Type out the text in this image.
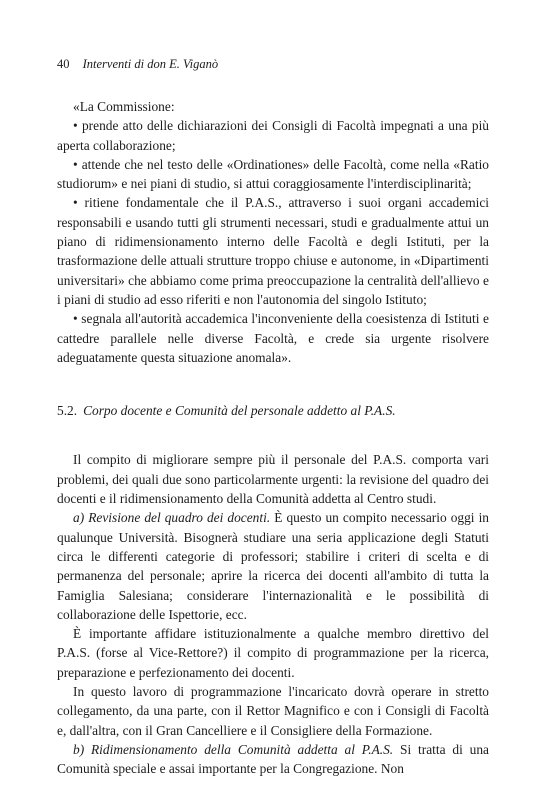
40 Interventi di don E. Viganò

«La Commissione:

• prende atto delle dichiarazioni dei Consigli di Facoltà impegnati a una più aperta collaborazione;

• attende che nel testo delle «Ordinationes» delle Facoltà, come nella «Ratio studiorum» e nei piani di studio, si attui coraggiosamente l'interdisciplinarità;

• ritiene fondamentale che il P.A.S., attraverso i suoi organi accademici responsabili e usando tutti gli strumenti necessari, studi e gradualmente attui un piano di ridimensionamento interno delle Facoltà e degli Istituti, per la trasformazione delle attuali strutture troppo chiuse e autonome, in «Dipartimenti universitari» che abbiamo come prima preoccupazione la centralità dell'allievo e i piani di studio ad esso riferiti e non l'autonomia del singolo Istituto;

• segnala all'autorità accademica l'inconveniente della coesistenza di Istituti e cattedre parallele nelle diverse Facoltà, e crede sia urgente risolvere adeguatamente questa situazione anomala».

5.2. Corpo docente e Comunità del personale addetto al P.A.S.

Il compito di migliorare sempre più il personale del P.A.S. comporta vari problemi, dei quali due sono particolarmente urgenti: la revisione del quadro dei docenti e il ridimensionamento della Comunità addetta al Centro studi.

a) Revisione del quadro dei docenti. È questo un compito necessario oggi in qualunque Università. Bisognerà studiare una seria applicazione degli Statuti circa le differenti categorie di professori; stabilire i criteri di scelta e di permanenza del personale; aprire la ricerca dei docenti all'ambito di tutta la Famiglia Salesiana; considerare l'internazionalità e le possibilità di collaborazione delle Ispettorie, ecc.

È importante affidare istituzionalmente a qualche membro direttivo del P.A.S. (forse al Vice-Rettore?) il compito di programmazione per la ricerca, preparazione e perfezionamento dei docenti.

In questo lavoro di programmazione l'incaricato dovrà operare in stretto collegamento, da una parte, con il Rettor Magnifico e con i Consigli di Facoltà e, dall'altra, con il Gran Cancelliere e il Consigliere della Formazione.

b) Ridimensionamento della Comunità addetta al P.A.S. Si tratta di una Comunità speciale e assai importante per la Congregazione. Non
